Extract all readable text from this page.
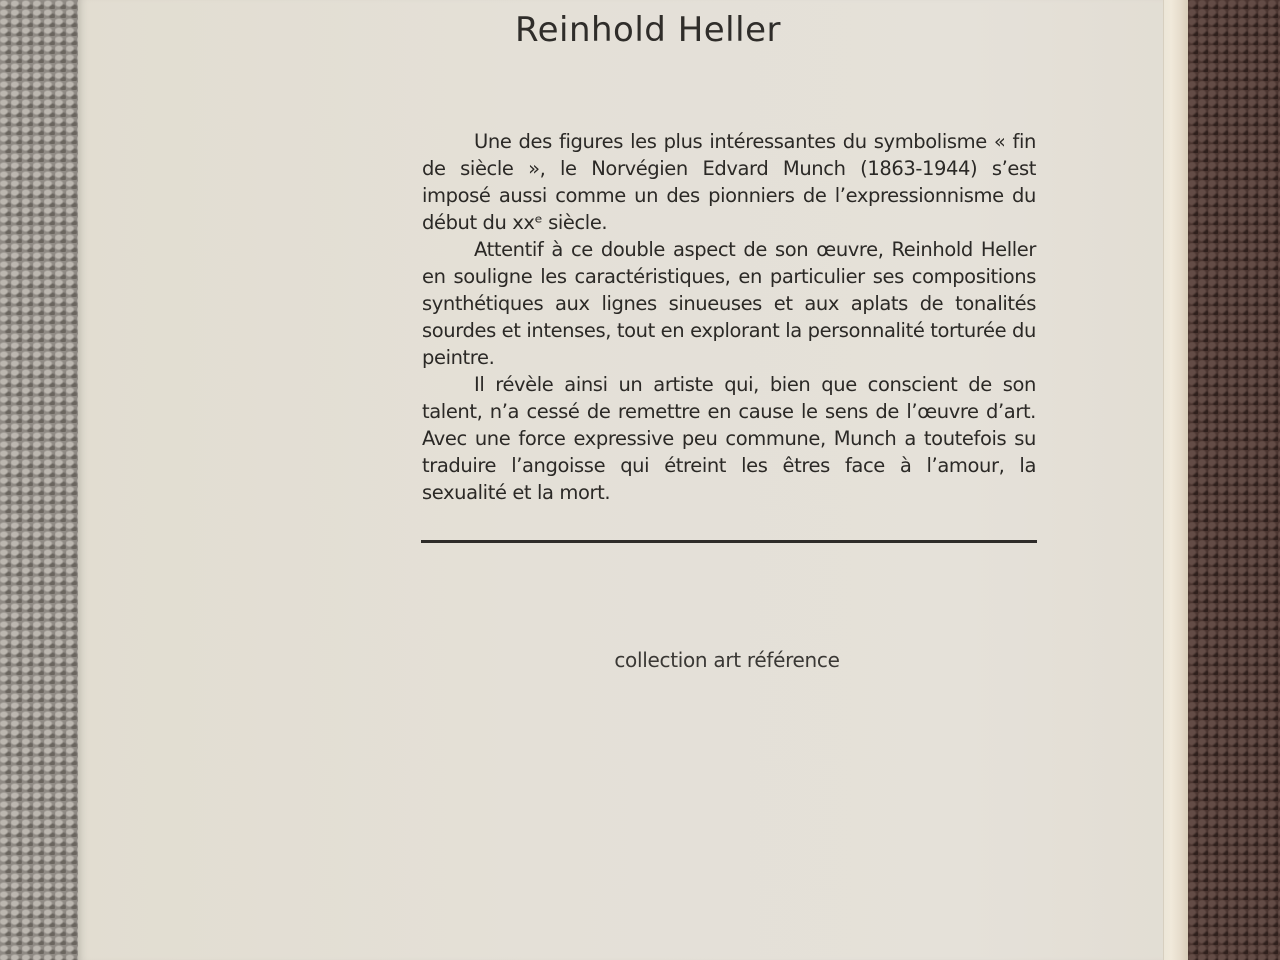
Reinhold Heller

Une des figures les plus intéressantes du symbolisme « fin de siècle », le Norvégien Edvard Munch (1863-1944) s’est imposé aussi comme un des pionniers de l’expressionnisme du début du xxᵉ siècle.

Attentif à ce double aspect de son œuvre, Reinhold Heller en souligne les caractéristiques, en particulier ses compositions synthétiques aux lignes sinueuses et aux aplats de tonalités sourdes et intenses, tout en explorant la personnalité torturée du peintre.

Il révèle ainsi un artiste qui, bien que conscient de son talent, n’a cessé de remettre en cause le sens de l’œuvre d’art. Avec une force expressive peu commune, Munch a toutefois su traduire l’angoisse qui étreint les êtres face à l’amour, la sexualité et la mort.

collection art référence
